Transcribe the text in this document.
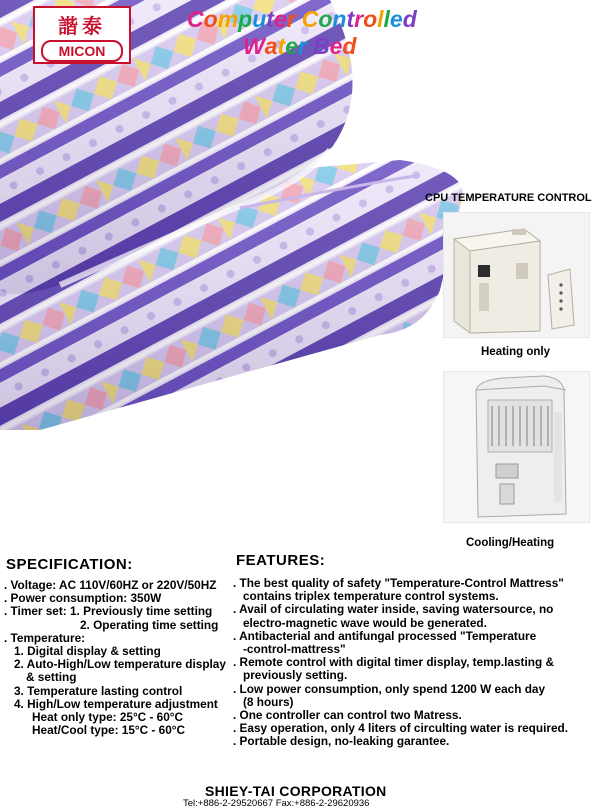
諧泰
MICON
Computer Controlled
Water Bed
CPU TEMPERATURE CONTROL
Heating only
Cooling/Heating
SPECIFICATION:
. Voltage: AC 110V/60HZ or 220V/50HZ
. Power consumption: 350W
. Timer set: 1. Previously time setting
2. Operating time setting
. Temperature:
1. Digital display & setting
2. Auto-High/Low temperature display
& setting
3. Temperature lasting control
4. High/Low temperature adjustment
Heat only type: 25°C - 60°C
Heat/Cool type: 15°C - 60°C
FEATURES:
. The best quality of safety "Temperature-Control Mattress"
contains triplex temperature control systems.
. Avail of circulating water inside, saving watersource, no
electro-magnetic wave would be generated.
. Antibacterial and antifungal processed "Temperature
-control-mattress"
. Remote control with digital timer display, temp.lasting &
previously setting.
. Low power consumption, only spend 1200 W each day
(8 hours)
. One controller can control two Matress.
. Easy operation, only 4 liters of circulting water is required.
. Portable design, no-leaking garantee.
SHIEY-TAI CORPORATION
Tel:+886-2-29520667 Fax:+886-2-29620936
